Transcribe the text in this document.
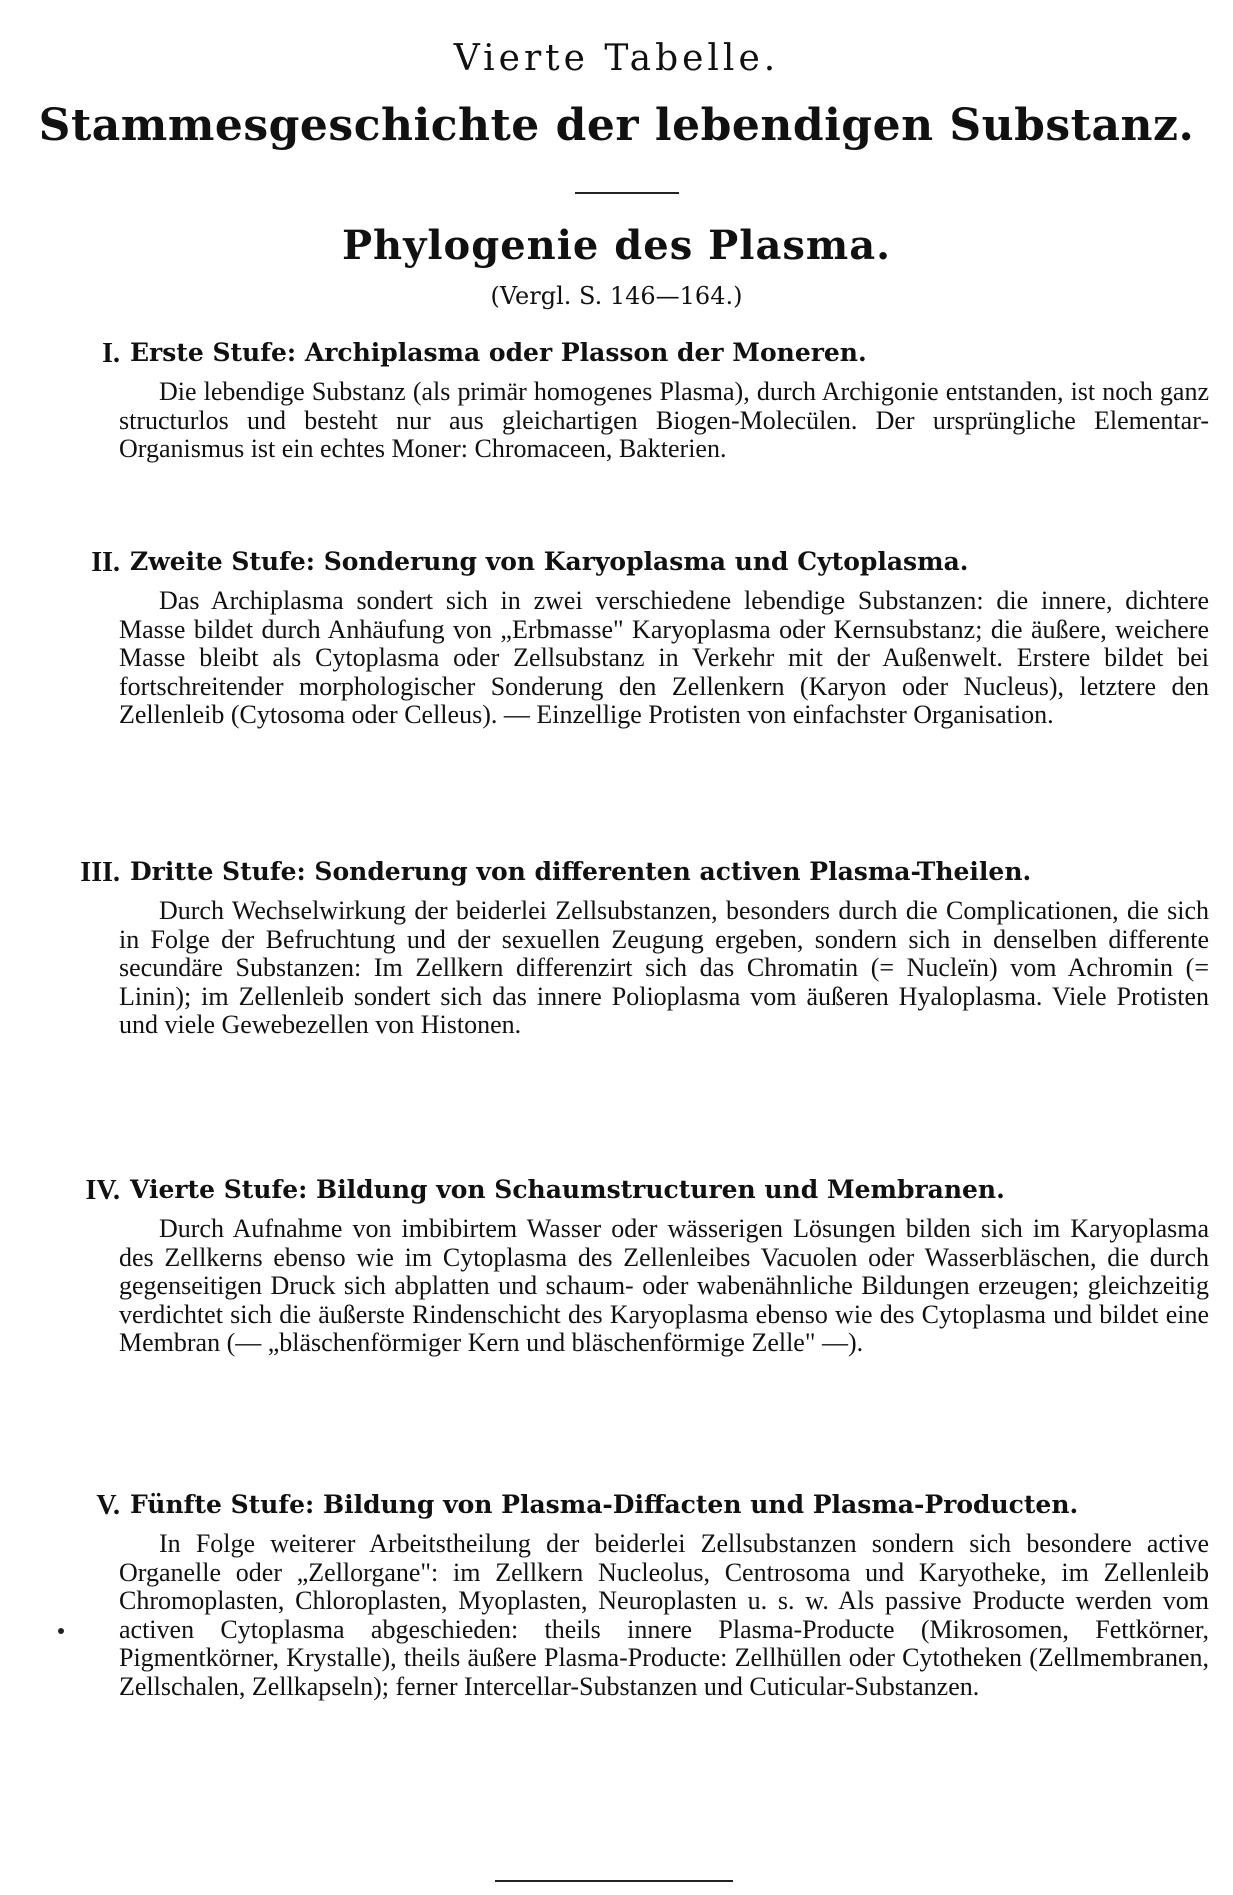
Vierte Tabelle.
Stammesgeschichte der lebendigen Substanz.
Phylogenie des Plasma.
(Vergl. S. 146—164.)
I. Erste Stufe: Archiplasma oder Plasson der Moneren.
Die lebendige Substanz (als primär homogenes Plasma), durch Archigonie entstanden, ist noch ganz structurlos und besteht nur aus gleichartigen Biogen-Molecülen. Der ursprüngliche Elementar-Organismus ist ein echtes Moner: Chromaceen, Bakterien.
II. Zweite Stufe: Sonderung von Karyoplasma und Cytoplasma.
Das Archiplasma sondert sich in zwei verschiedene lebendige Substanzen: die innere, dichtere Masse bildet durch Anhäufung von „Erbmasse" Karyoplasma oder Kernsubstanz; die äußere, weichere Masse bleibt als Cytoplasma oder Zellsubstanz in Verkehr mit der Außenwelt. Erstere bildet bei fortschreitender morphologischer Sonderung den Zellenkern (Karyon oder Nucleus), letztere den Zellenleib (Cytosoma oder Celleus). — Einzellige Protisten von einfachster Organisation.
III. Dritte Stufe: Sonderung von differenten activen Plasma-Theilen.
Durch Wechselwirkung der beiderlei Zellsubstanzen, besonders durch die Complicationen, die sich in Folge der Befruchtung und der sexuellen Zeugung ergeben, sondern sich in denselben differente secundäre Substanzen: Im Zellkern differenzirt sich das Chromatin (= Nucleïn) vom Achromin (= Linin); im Zellenleib sondert sich das innere Polioplasma vom äußeren Hyaloplasma. Viele Protisten und viele Gewebezellen von Histonen.
IV. Vierte Stufe: Bildung von Schaumstructuren und Membranen.
Durch Aufnahme von imbibirtem Wasser oder wässerigen Lösungen bilden sich im Karyoplasma des Zellkerns ebenso wie im Cytoplasma des Zellenleibes Vacuolen oder Wasserbläschen, die durch gegenseitigen Druck sich abplatten und schaum- oder wabenähnliche Bildungen erzeugen; gleichzeitig verdichtet sich die äußerste Rindenschicht des Karyoplasma ebenso wie des Cytoplasma und bildet eine Membran (— „bläschenförmiger Kern und bläschenförmige Zelle" —).
V. Fünfte Stufe: Bildung von Plasma-Diffacten und Plasma-Producten.
In Folge weiterer Arbeitstheilung der beiderlei Zellsubstanzen sondern sich besondere active Organelle oder „Zellorgane": im Zellkern Nucleolus, Centrosoma und Karyotheke, im Zellenleib Chromoplasten, Chloroplasten, Myoplasten, Neuroplasten u. s. w. Als passive Producte werden vom activen Cytoplasma abgeschieden: theils innere Plasma-Producte (Mikrosomen, Fettkörner, Pigmentkörner, Krystalle), theils äußere Plasma-Producte: Zellhüllen oder Cytotheken (Zellmembranen, Zellschalen, Zellkapseln); ferner Intercellar-Substanzen und Cuticular-Substanzen.
